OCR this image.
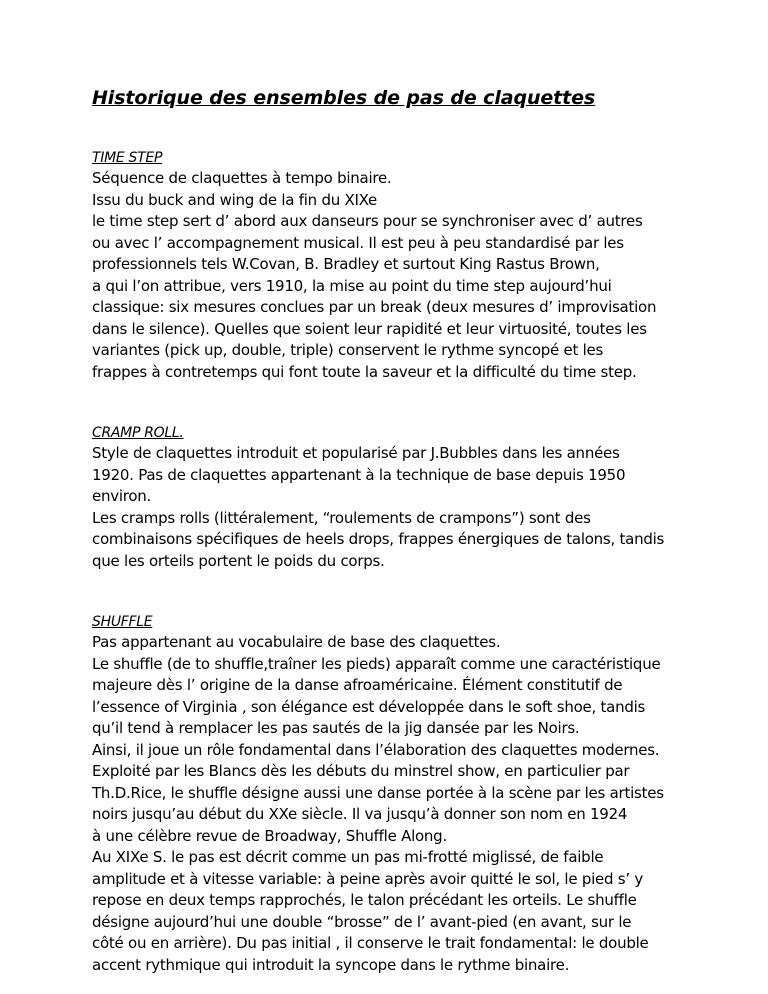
Historique des ensembles de pas de claquettes
TIME STEP
Séquence de claquettes à tempo binaire.
Issu du buck and wing de la fin du XIXe
le time step sert d’ abord aux danseurs pour se synchroniser avec d’ autres
ou avec l’ accompagnement musical. Il est peu à peu standardisé par les
professionnels tels W.Covan, B. Bradley et surtout King Rastus Brown,
a qui l’on attribue, vers 1910, la mise au point du time step aujourd’hui
classique: six mesures conclues par un break (deux mesures d’ improvisation
dans le silence). Quelles que soient leur rapidité et leur virtuosité, toutes les
variantes (pick up, double, triple) conservent le rythme syncopé et les
frappes à contretemps qui font toute la saveur et la difficulté du time step.
CRAMP ROLL.
Style de claquettes introduit et popularisé par J.Bubbles dans les années
1920. Pas de claquettes appartenant à la technique de base depuis 1950
environ.
Les cramps rolls (littéralement, “roulements de crampons”) sont des
combinaisons spécifiques de heels drops, frappes énergiques de talons, tandis
que les orteils portent le poids du corps.
SHUFFLE
Pas appartenant au vocabulaire de base des claquettes.
Le shuffle (de to shuffle,traîner les pieds) apparaît comme une caractéristique
majeure dès l’ origine de la danse afroaméricaine. Élément constitutif de
l’essence of Virginia , son élégance est développée dans le soft shoe, tandis
qu’il tend à remplacer les pas sautés de la jig dansée par les Noirs.
Ainsi, il joue un rôle fondamental dans l’élaboration des claquettes modernes.
Exploité par les Blancs dès les débuts du minstrel show, en particulier par
Th.D.Rice, le shuffle désigne aussi une danse portée à la scène par les artistes
noirs jusqu’au début du XXe siècle. Il va jusqu’à donner son nom en 1924
à une célèbre revue de Broadway, Shuffle Along.
Au XIXe S. le pas est décrit comme un pas mi-frotté miglissé, de faible
amplitude et à vitesse variable: à peine après avoir quitté le sol, le pied s’ y
repose en deux temps rapprochés, le talon précédant les orteils. Le shuffle
désigne aujourd’hui une double “brosse” de l’ avant-pied (en avant, sur le
côté ou en arrière). Du pas initial , il conserve le trait fondamental: le double
accent rythmique qui introduit la syncope dans le rythme binaire.
